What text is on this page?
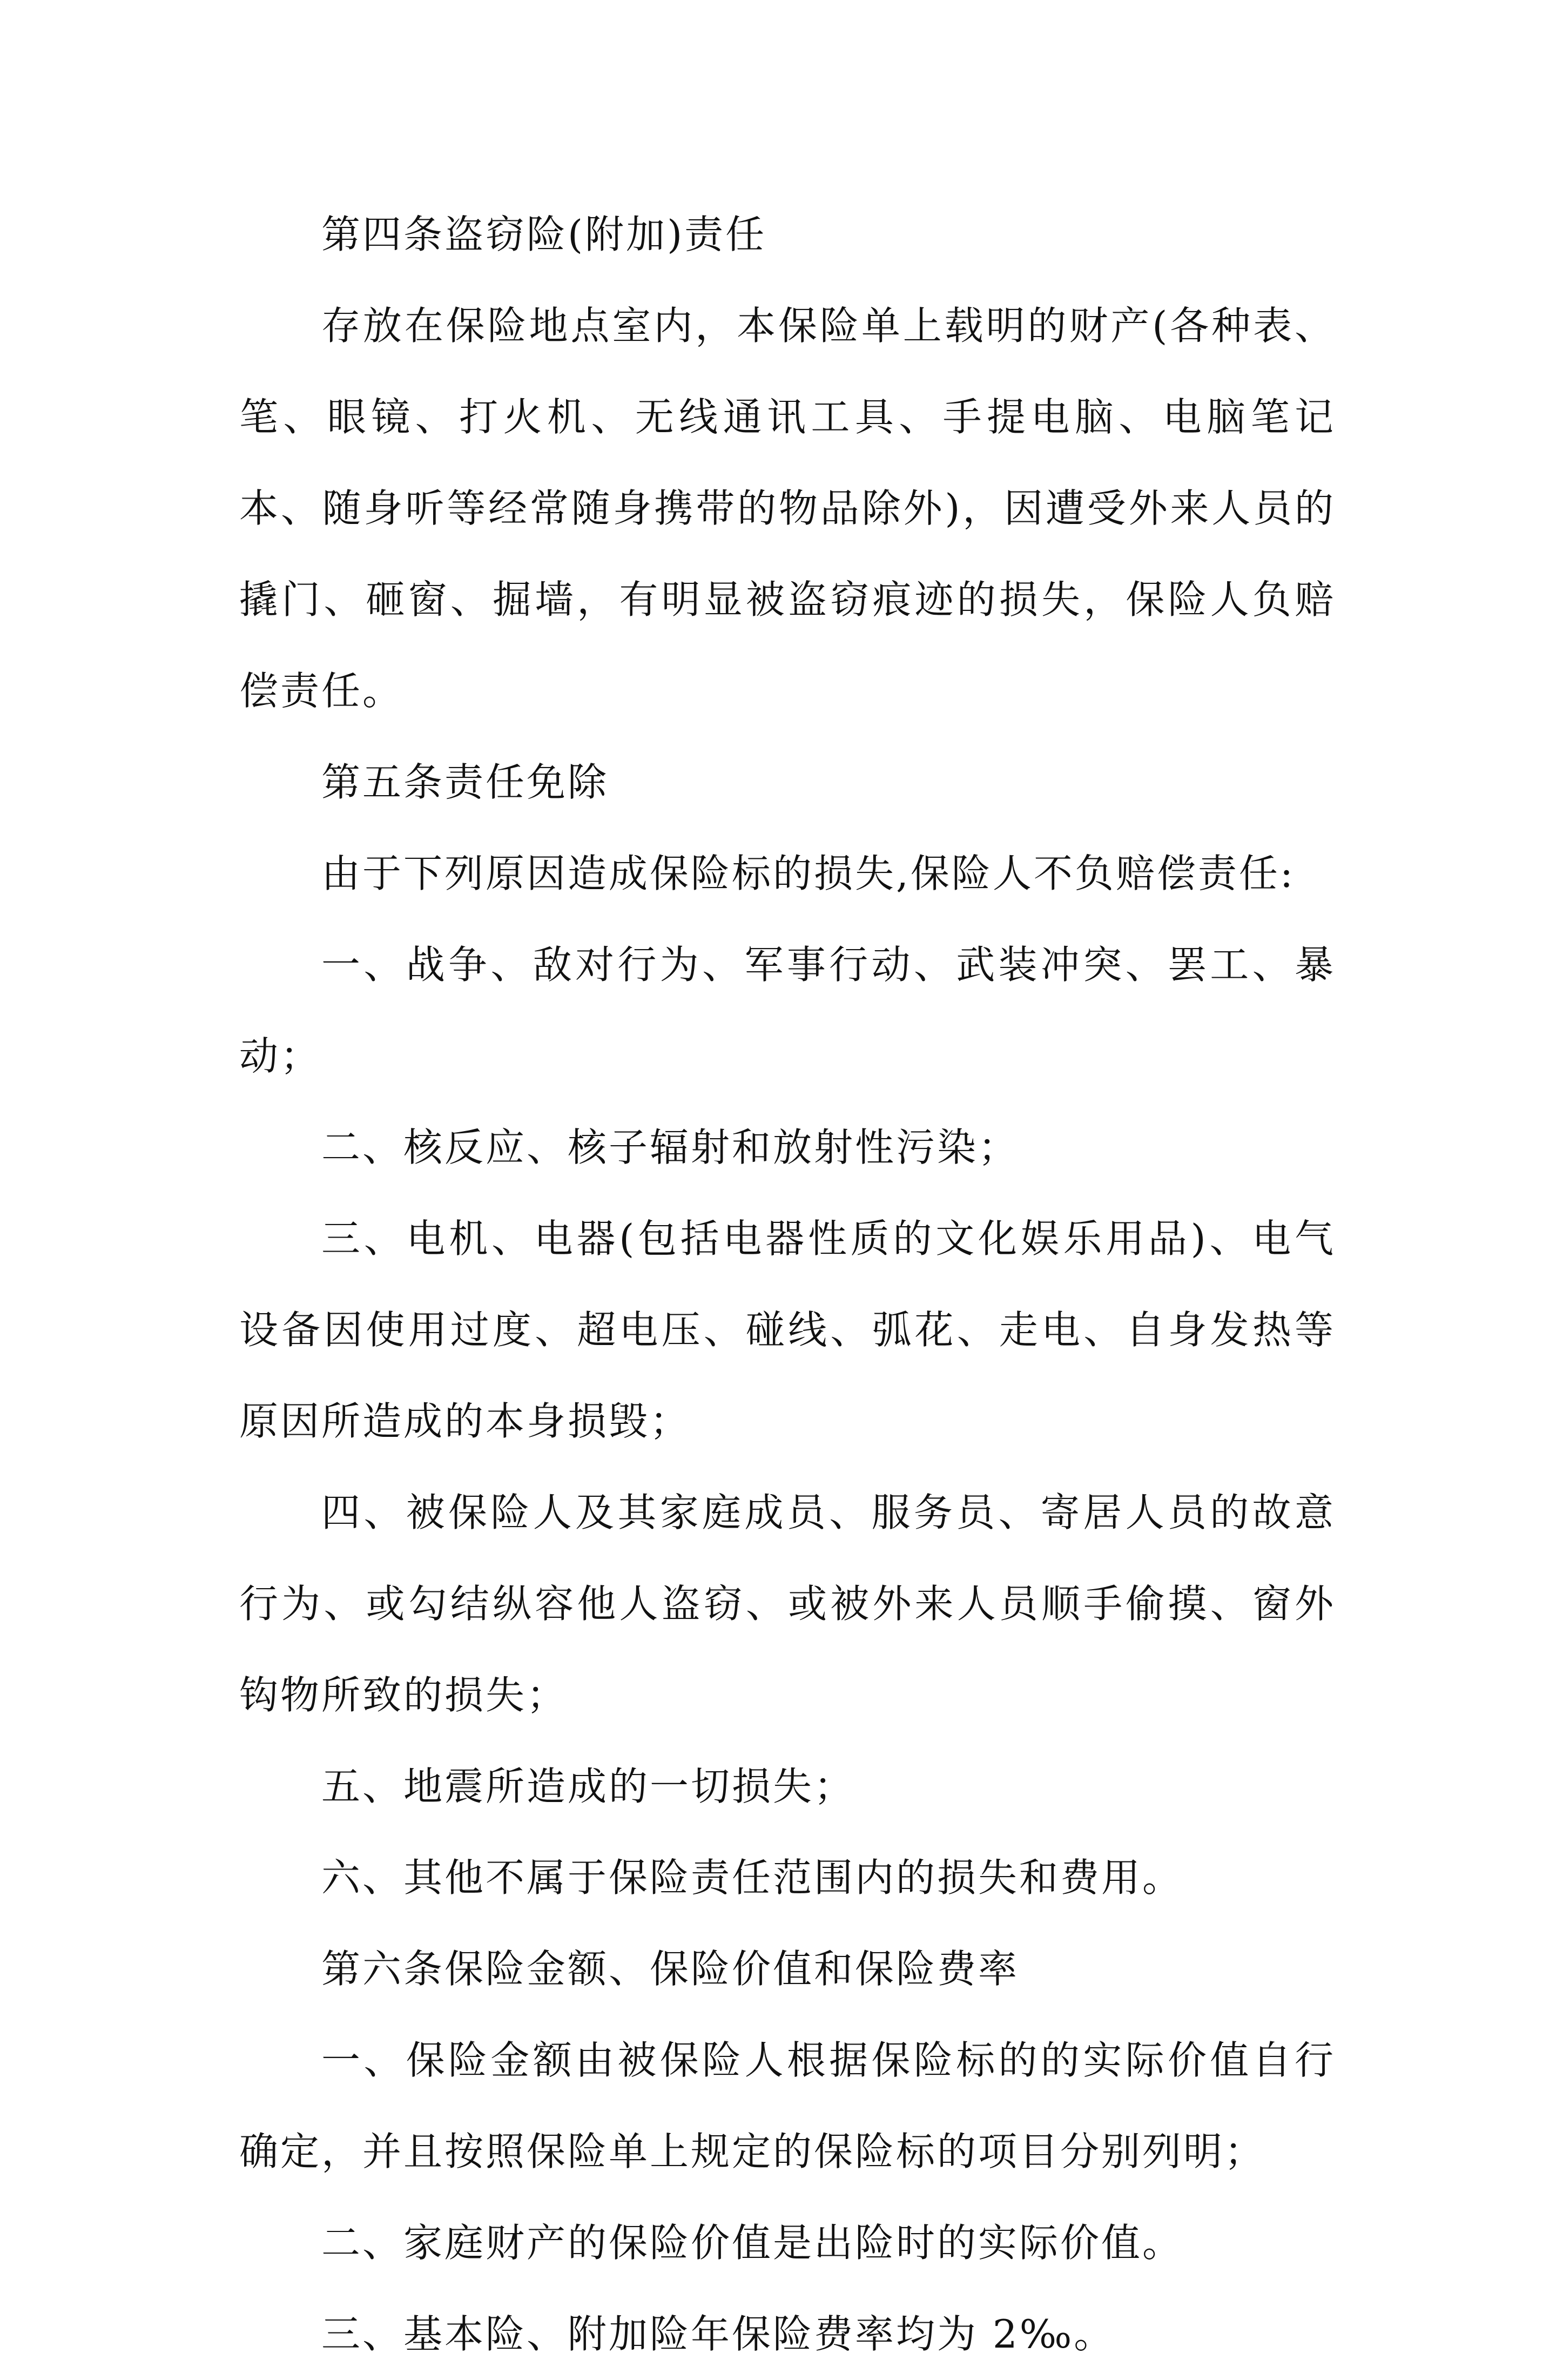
第四条盗窃险(附加)责任

存放在保险地点室内，本保险单上载明的财产(各种表、笔、眼镜、打火机、无线通讯工具、手提电脑、电脑笔记本、随身听等经常随身携带的物品除外)，因遭受外来人员的撬门、砸窗、掘墙，有明显被盗窃痕迹的损失，保险人负赔偿责任。

第五条责任免除

由于下列原因造成保险标的损失,保险人不负赔偿责任:

一、战争、敌对行为、军事行动、武装冲突、罢工、暴动；

二、核反应、核子辐射和放射性污染；

三、电机、电器(包括电器性质的文化娱乐用品)、电气设备因使用过度、超电压、碰线、弧花、走电、自身发热等原因所造成的本身损毁；

四、被保险人及其家庭成员、服务员、寄居人员的故意行为、或勾结纵容他人盗窃、或被外来人员顺手偷摸、窗外钩物所致的损失；

五、地震所造成的一切损失；

六、其他不属于保险责任范围内的损失和费用。

第六条保险金额、保险价值和保险费率

一、保险金额由被保险人根据保险标的的实际价值自行确定，并且按照保险单上规定的保险标的项目分别列明；

二、家庭财产的保险价值是出险时的实际价值。

三、基本险、附加险年保险费率均为 2‰。
